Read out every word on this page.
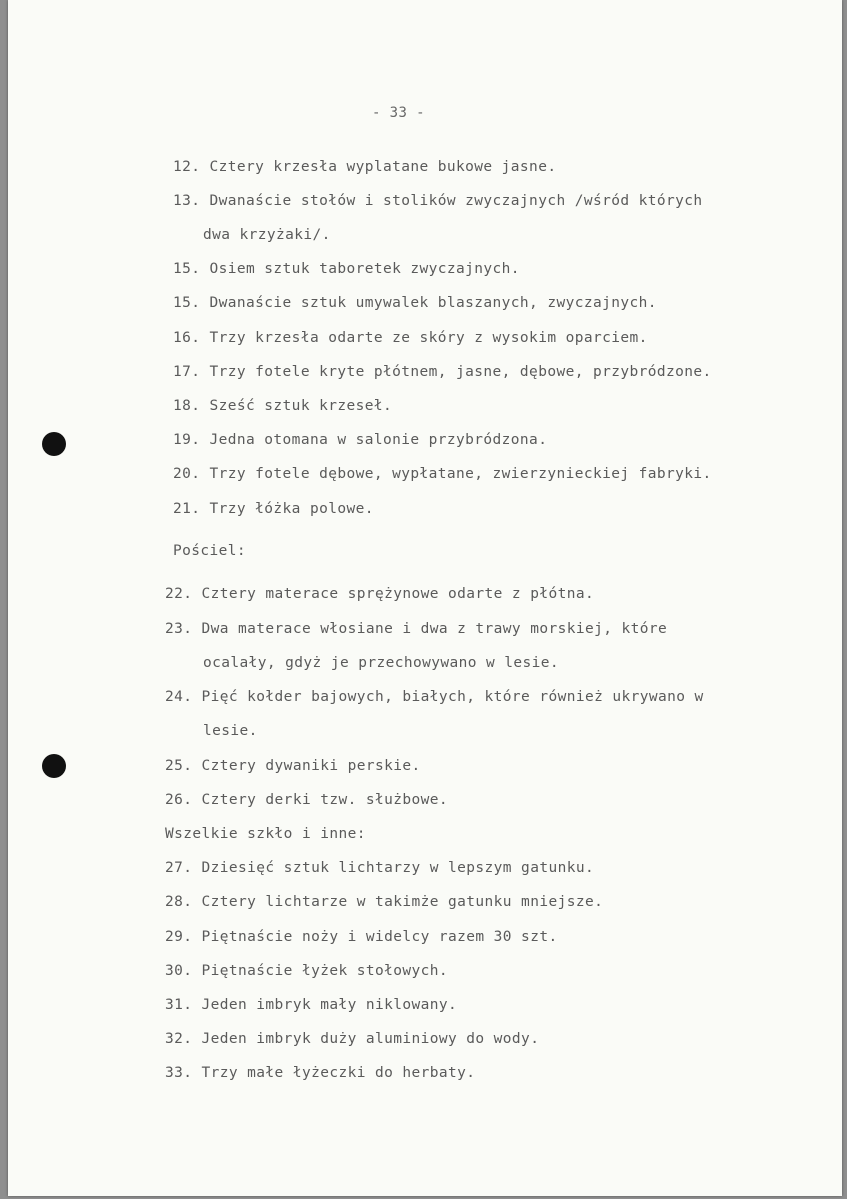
- 33 -
12. Cztery krzesła wyplatane bukowe jasne.
13. Dwanaście stołów i stolików zwyczajnych /wśród których
dwa krzyżaki/.
15. Osiem sztuk taboretek zwyczajnych.
15. Dwanaście sztuk umywalek blaszanych, zwyczajnych.
16. Trzy krzesła odarte ze skóry z wysokim oparciem.
17. Trzy fotele kryte płótnem, jasne, dębowe, przybródzone.
18. Sześć sztuk krzeseł.
19. Jedna otomana w salonie przybródzona.
20. Trzy fotele dębowe, wypłatane, zwierzynieckiej fabryki.
21. Trzy łóżka polowe.
Pościel:
22. Cztery materace sprężynowe odarte z płótna.
23. Dwa materace włosiane i dwa z trawy morskiej, które
ocalały, gdyż je przechowywano w lesie.
24. Pięć kołder bajowych, białych, które również ukrywano w
lesie.
25. Cztery dywaniki perskie.
26. Cztery derki tzw. służbowe.
Wszelkie szkło i inne:
27. Dziesięć sztuk lichtarzy w lepszym gatunku.
28. Cztery lichtarze w takimże gatunku mniejsze.
29. Piętnaście noży i widelcy razem 30 szt.
30. Piętnaście łyżek stołowych.
31. Jeden imbryk mały niklowany.
32. Jeden imbryk duży aluminiowy do wody.
33. Trzy małe łyżeczki do herbaty.
